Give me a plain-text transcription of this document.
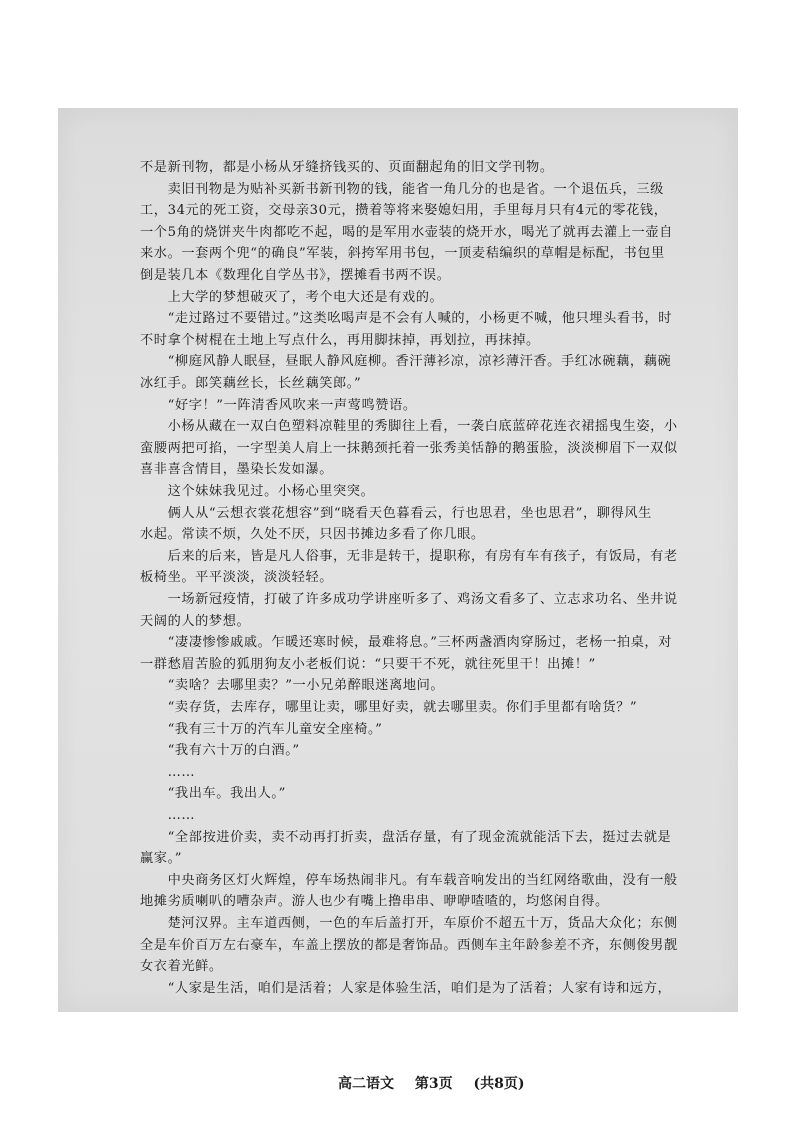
不是新刊物，都是小杨从牙缝挤钱买的、页面翻起角的旧文学刊物。
　　卖旧刊物是为贴补买新书新刊物的钱，能省一角几分的也是省。一个退伍兵，三级
工，34元的死工资，交母亲30元，攒着等将来娶媳妇用，手里每月只有4元的零花钱，
一个5角的烧饼夹牛肉都吃不起，喝的是军用水壶装的烧开水，喝光了就再去灌上一壶自
来水。一套两个兜“的确良”军装，斜挎军用书包，一顶麦秸编织的草帽是标配，书包里
倒是装几本《数理化自学丛书》，摆摊看书两不误。
　　上大学的梦想破灭了，考个电大还是有戏的。
　　“走过路过不要错过。”这类吆喝声是不会有人喊的，小杨更不喊，他只埋头看书，时
不时拿个树棍在土地上写点什么，再用脚抹掉，再划拉，再抹掉。
　　“柳庭风静人眠昼，昼眠人静风庭柳。香汗薄衫凉，凉衫薄汗香。手红冰碗藕，藕碗
冰红手。郎笑藕丝长，长丝藕笑郎。”
　　“好字！”一阵清香风吹来一声莺鸣赞语。
　　小杨从藏在一双白色塑料凉鞋里的秀脚往上看，一袭白底蓝碎花连衣裙摇曳生姿，小
蛮腰两把可掐，一字型美人肩上一抹鹅颈托着一张秀美恬静的鹅蛋脸，淡淡柳眉下一双似
喜非喜含情目，墨染长发如瀑。
　　这个妹妹我见过。小杨心里突突。
　　俩人从“云想衣裳花想容”到“晓看天色暮看云，行也思君，坐也思君”，聊得风生
水起。常读不烦，久处不厌，只因书摊边多看了你几眼。
　　后来的后来，皆是凡人俗事，无非是转干，提职称，有房有车有孩子，有饭局，有老
板椅坐。平平淡淡，淡淡轻轻。
　　一场新冠疫情，打破了许多成功学讲座听多了、鸡汤文看多了、立志求功名、坐井说
天阔的人的梦想。
　　“凄凄惨惨戚戚。乍暖还寒时候，最难将息。”三杯两盏酒肉穿肠过，老杨一拍桌，对
一群愁眉苦脸的狐朋狗友小老板们说：“只要干不死，就往死里干！出摊！”
　　“卖啥？去哪里卖？”一小兄弟醉眼迷离地问。
　　“卖存货，去库存，哪里让卖，哪里好卖，就去哪里卖。你们手里都有啥货？”
　　“我有三十万的汽车儿童安全座椅。”
　　“我有六十万的白酒。”
　　……
　　“我出车。我出人。”
　　……
　　“全部按进价卖，卖不动再打折卖，盘活存量，有了现金流就能活下去，挺过去就是
赢家。”
　　中央商务区灯火辉煌，停车场热闹非凡。有车载音响发出的当红网络歌曲，没有一般
地摊劣质喇叭的嘈杂声。游人也少有嘴上撸串串、咿咿喳喳的，均悠闲自得。
　　楚河汉界。主车道西侧，一色的车后盖打开，车原价不超五十万，货品大众化；东侧
全是车价百万左右豪车，车盖上摆放的都是奢饰品。西侧车主年龄参差不齐，东侧俊男靓
女衣着光鲜。
　　“人家是生活，咱们是活着；人家是体验生活，咱们是为了活着；人家有诗和远方，
高二语文 第3页 (共8页)
